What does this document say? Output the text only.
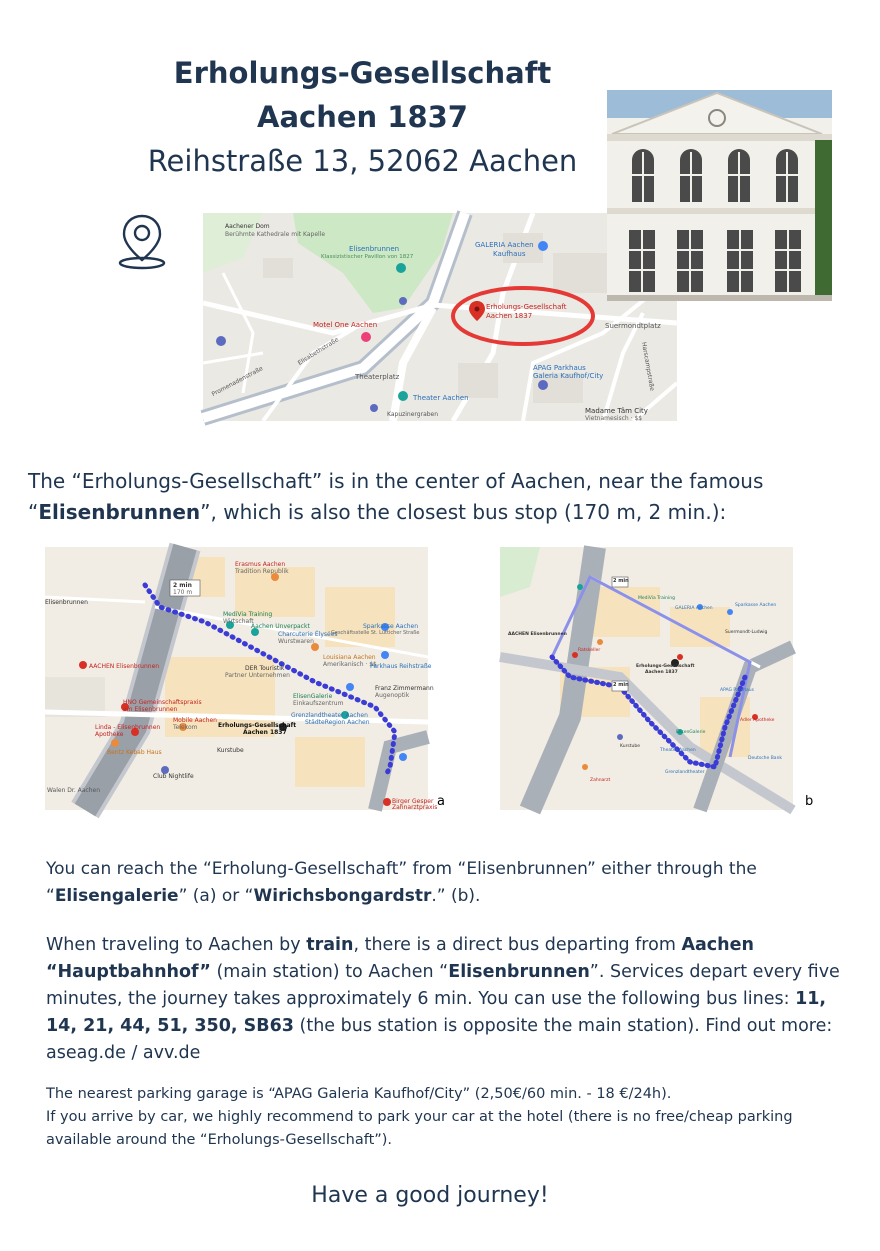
Erholungs-Gesellschaft
Aachen 1837
Reihstraße 13, 52062 Aachen
Aachener Dom
Berühmte Kathedrale mit Kapelle
Elisenbrunnen
Klassizistischer Pavillon von 1827
GALERIA Aachen
Kaufhaus
Erholungs-Gesellschaft
Aachen 1837
Suermondtplatz
Motel One Aachen
Elisabethstraße
Promenadenstraße	APAG Parkhaus
Galeria Kaufhof/City	Harscampstraße
Theaterplatz
Theater Aachen
Kapuzinergraben	Madame Tâm City
Vietnamesisch · $$
The “Erholungs-Gesellschaft” is in the center of Aachen, near the famous
“Elisenbrunnen”, which is also the closest bus stop (170 m, 2 min.):
2 min
170 m
Elisenbrunnen
Erasmus Aachen
Tradition Republik
MediVia Training
Wirtschaft
Aachen Unverpackt
Charcuterie Élysées
Wurstwaren
Sparkasse Aachen
Geschäftsstelle St. Lütticher Straße
AACHEN Elisenbrunnen	DER Touristik
Partner Unternehmen
Louisiana Aachen
Amerikanisch · $$
Parkhaus Reihstraße
Franz Zimmermann
Augenoptik
HNO Gemeinschaftspraxis
am Elisenbrunnen
ElisenGalerie
Einkaufszentrum
Mobile Aachen
Telekom	Erholungs-Gesellschaft
Aachen 1837
Grenzlandtheater Aachen
StädteRegion Aachen
Linda - Elisenbrunnen
Apotheke
Bentz Kebab Haus	Kurstube
Club Nightlife
Birger Gesper
Zahnarztpraxis
Walen Dr. Aachen
a
2 min
2 min
AACHEN Elisenbrunnen
Erholungs-Gesellschaft
Aachen 1837
GALERIA Aachen
Sparkasse Aachen
Theater Aachen
APAG Parkhaus
Adler Apotheke
Suermondt-Ludwig
MediVia Training
Ratskeller
ElisenGalerie
Grenzlandtheater
Kurstube
Deutsche Bank
Zahnarzt
b
You can reach the “Erholung-Gesellschaft” from “Elisenbrunnen” either through the
“Elisengalerie” (a) or “Wirichsbongardstr.” (b).
When traveling to Aachen by train, there is a direct bus departing from Aachen “Hauptbahnhof” (main station) to Aachen “Elisenbrunnen”. Services depart every five minutes, the journey takes approximately 6 min. You can use the following bus lines: 11, 14, 21, 44, 51, 350, SB63 (the bus station is opposite the main station). Find out more: aseag.de / avv.de
The nearest parking garage is “APAG Galeria Kaufhof/City” (2,50€/60 min. - 18 €/24h).
If you arrive by car, we highly recommend to park your car at the hotel (there is no free/cheap parking available around the “Erholungs-Gesellschaft”).
Have a good journey!
